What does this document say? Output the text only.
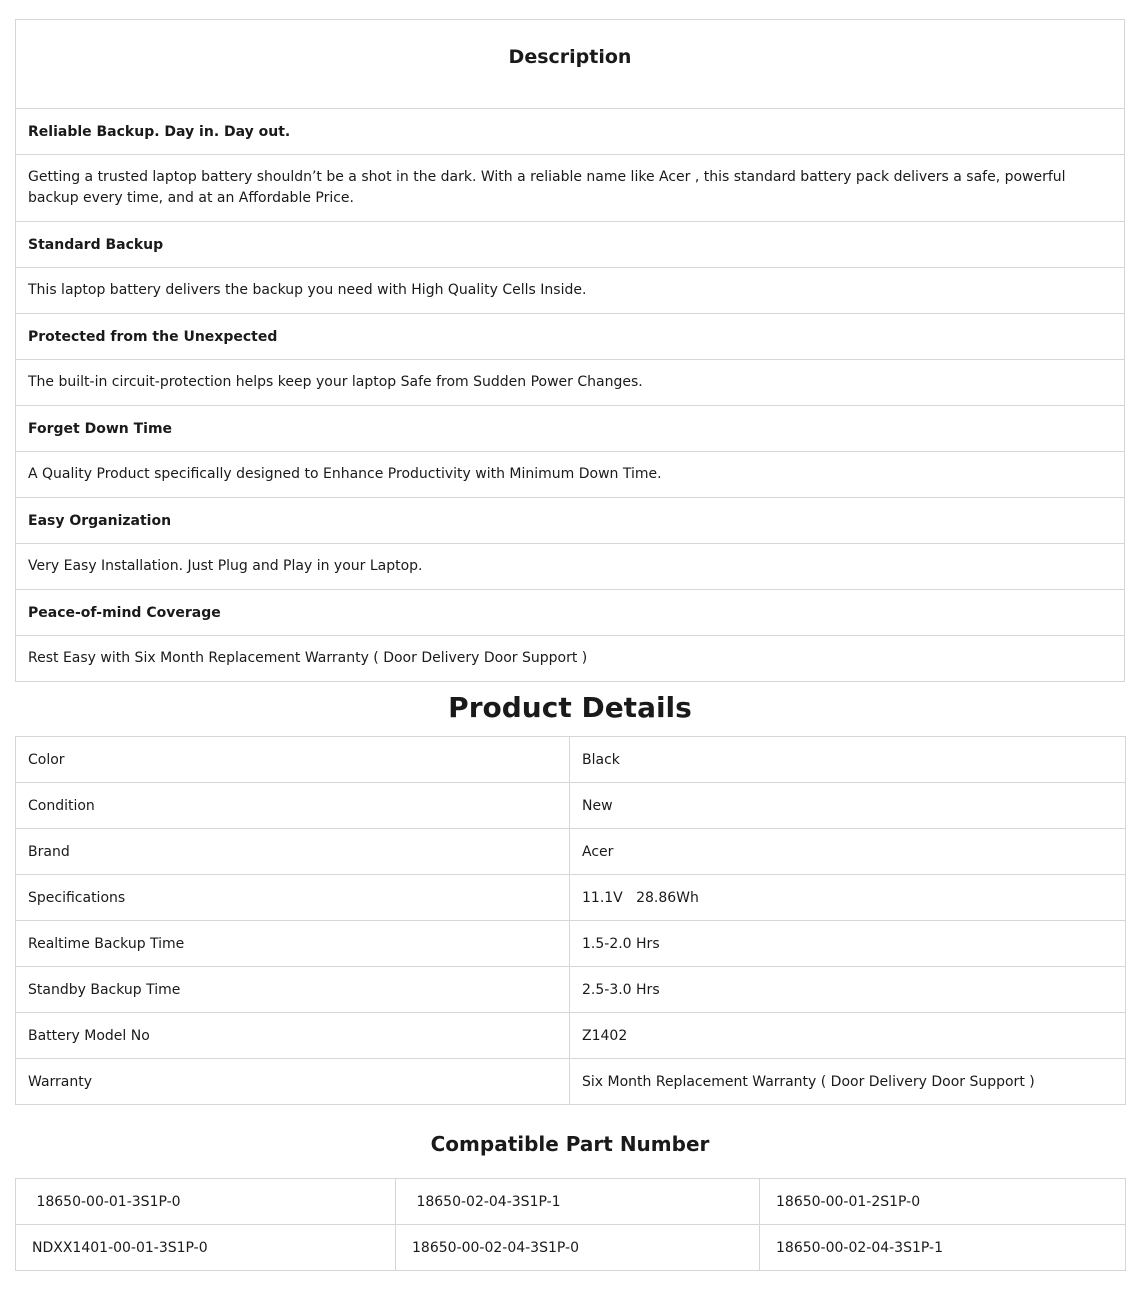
Description
Reliable Backup. Day in. Day out.
Getting a trusted laptop battery shouldn’t be a shot in the dark. With a reliable name like Acer , this standard battery pack delivers a safe, powerful backup every time, and at an Affordable Price.
Standard Backup
This laptop battery delivers the backup you need with High Quality Cells Inside.
Protected from the Unexpected
The built-in circuit-protection helps keep your laptop Safe from Sudden Power Changes.
Forget Down Time
A Quality Product specifically designed to Enhance Productivity with Minimum Down Time.
Easy Organization
Very Easy Installation. Just Plug and Play in your Laptop.
Peace-of-mind Coverage
Rest Easy with Six Month Replacement Warranty ( Door Delivery Door Support )
Product Details
Color	Black
Condition	New
Brand	Acer
Specifications	11.1V   28.86Wh
Realtime Backup Time	1.5-2.0 Hrs
Standby Backup Time	2.5-3.0 Hrs
Battery Model No	Z1402
Warranty	Six Month Replacement Warranty ( Door Delivery Door Support )
Compatible Part Number
18650-00-01-3S1P-0	18650-02-04-3S1P-1	18650-00-01-2S1P-0
NDXX1401-00-01-3S1P-0	18650-00-02-04-3S1P-0	18650-00-02-04-3S1P-1
